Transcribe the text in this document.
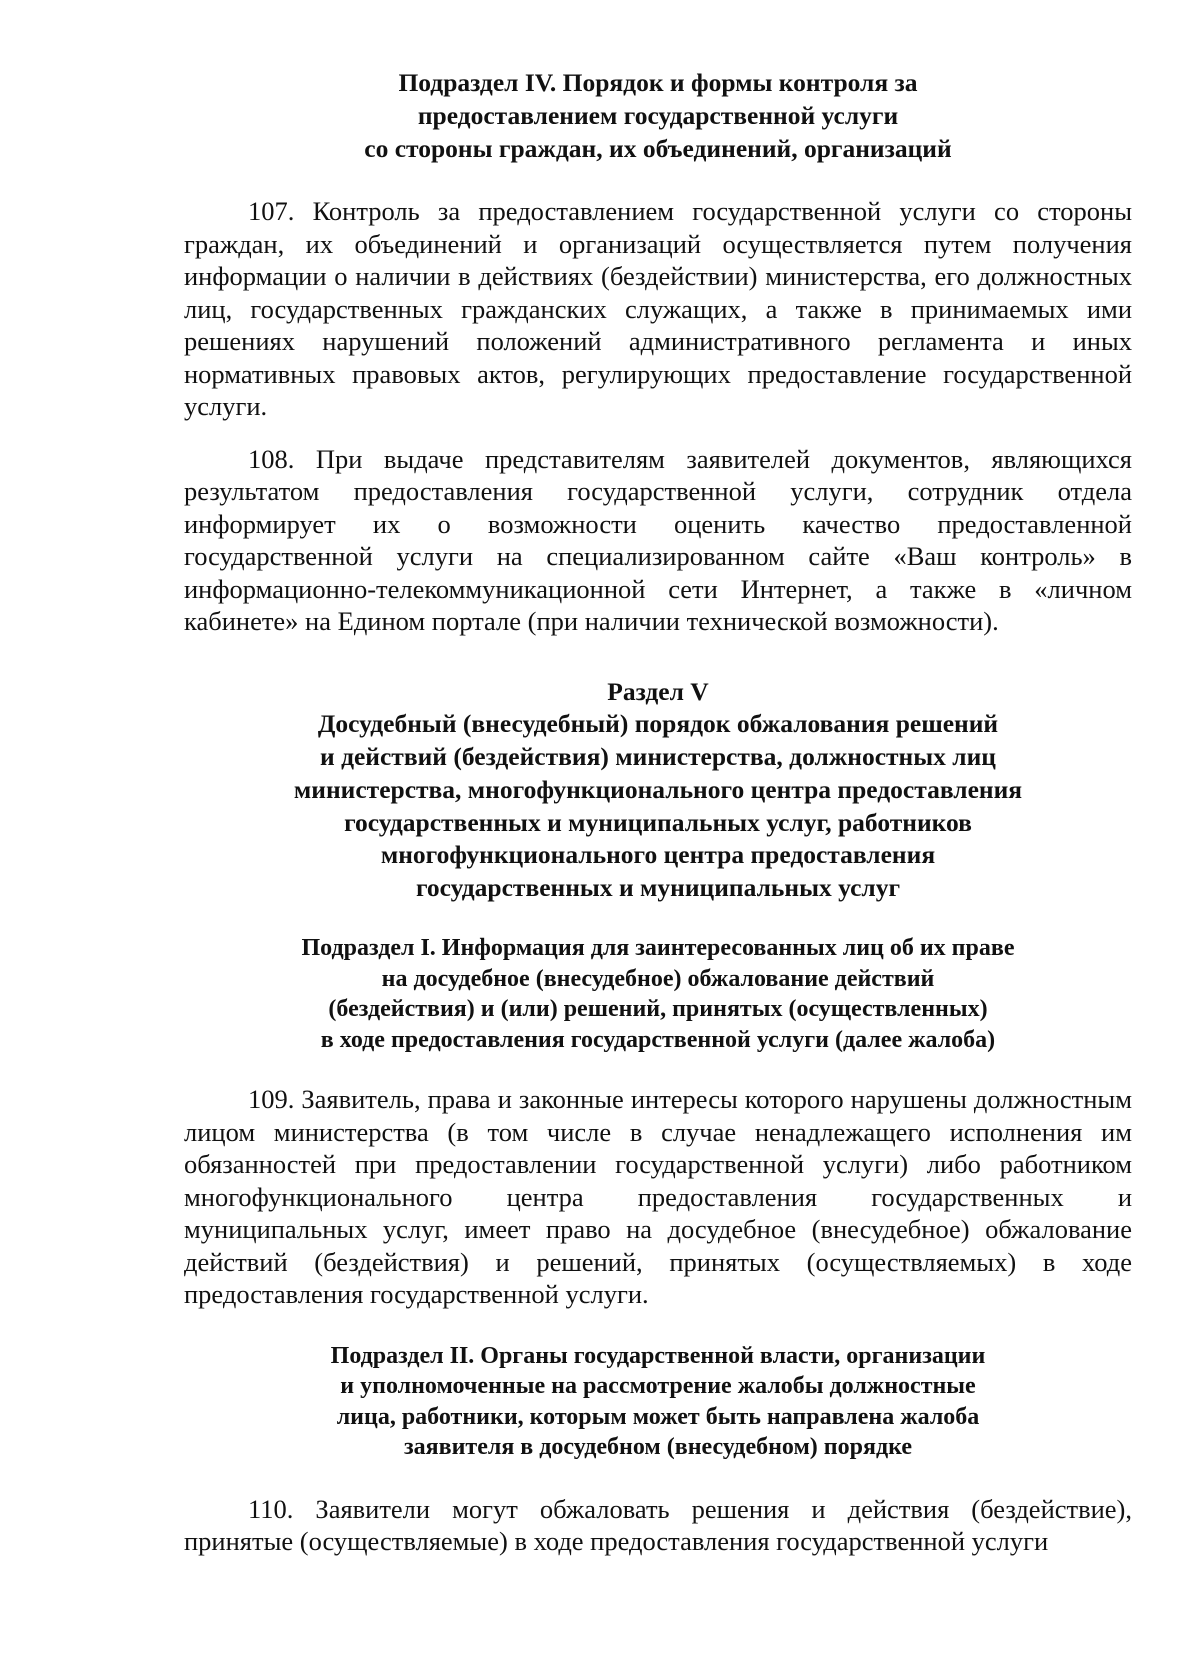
Подраздел IV. Порядок и формы контроля за
предоставлением государственной услуги
со стороны граждан, их объединений, организаций

107. Контроль за предоставлением государственной услуги со стороны граждан, их объединений и организаций осуществляется путем получения информации о наличии в действиях (бездействии) министерства, его должностных лиц, государственных гражданских служащих, а также в принимаемых ими решениях нарушений положений административного регламента и иных нормативных правовых актов, регулирующих предоставление государственной услуги.

108. При выдаче представителям заявителей документов, являющихся результатом предоставления государственной услуги, сотрудник отдела информирует их о возможности оценить качество предоставленной государственной услуги на специализированном сайте «Ваш контроль» в информационно-телекоммуникационной сети Интернет, а также в «личном кабинете» на Едином портале (при наличии технической возможности).

Раздел V
Досудебный (внесудебный) порядок обжалования решений
и действий (бездействия) министерства, должностных лиц
министерства, многофункционального центра предоставления
государственных и муниципальных услуг, работников
многофункционального центра предоставления
государственных и муниципальных услуг
Подраздел I. Информация для заинтересованных лиц об их праве
на досудебное (внесудебное) обжалование действий
(бездействия) и (или) решений, принятых (осуществленных)
в ходе предоставления государственной услуги (далее жалоба)

109. Заявитель, права и законные интересы которого нарушены должностным лицом министерства (в том числе в случае ненадлежащего исполнения им обязанностей при предоставлении государственной услуги) либо работником многофункционального центра предоставления государственных и муниципальных услуг, имеет право на досудебное (внесудебное) обжалование действий (бездействия) и решений, принятых (осуществляемых) в ходе предоставления государственной услуги.

Подраздел II. Органы государственной власти, организации
и уполномоченные на рассмотрение жалобы должностные
лица, работники, которым может быть направлена жалоба
заявителя в досудебном (внесудебном) порядке

110. Заявители могут обжаловать решения и действия (бездействие), принятые (осуществляемые) в ходе предоставления государственной услуги
